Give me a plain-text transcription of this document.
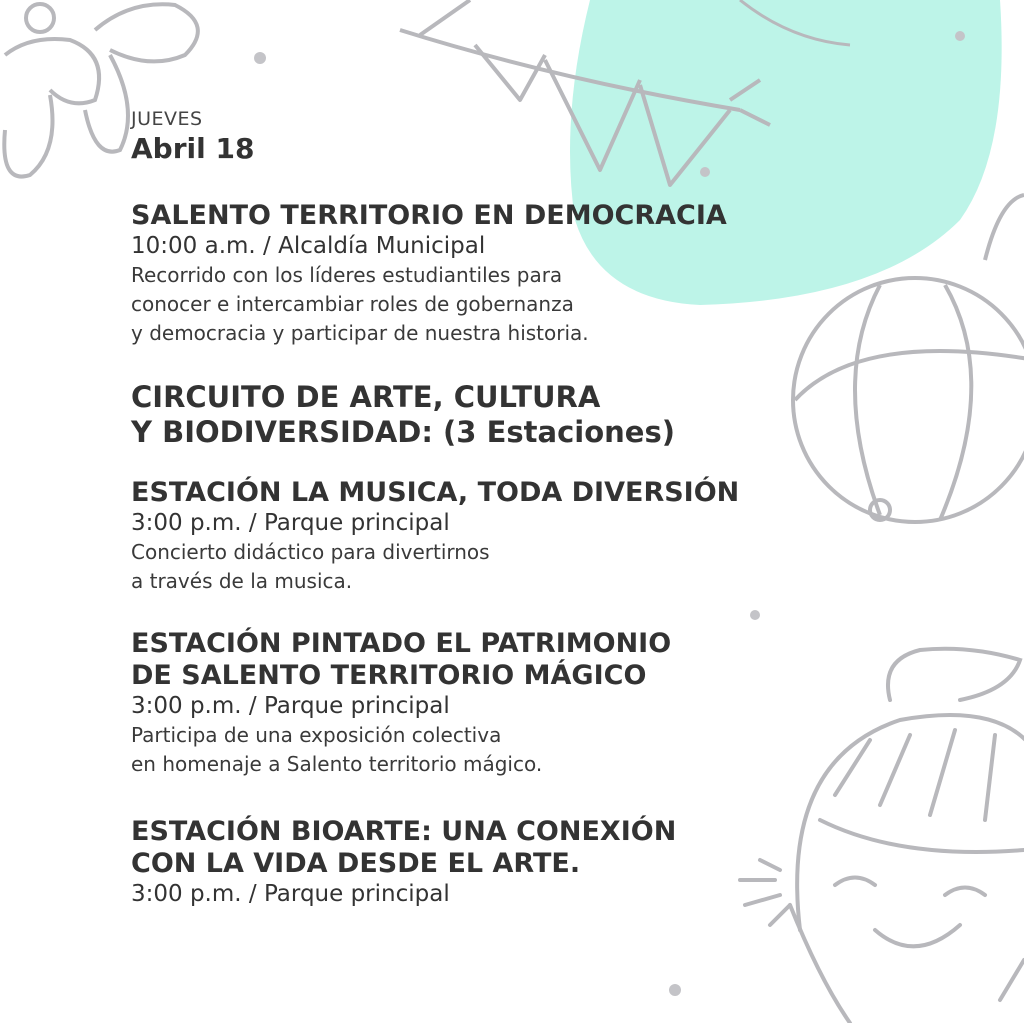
JUEVES
Abril 18
SALENTO TERRITORIO EN DEMOCRACIA
10:00 a.m. / Alcaldía Municipal
Recorrido con los líderes estudiantiles para
conocer e intercambiar roles de gobernanza
y democracia y participar de nuestra historia.
CIRCUITO DE ARTE, CULTURA
Y BIODIVERSIDAD: (3 Estaciones)
ESTACIÓN LA MUSICA, TODA DIVERSIÓN
3:00 p.m. / Parque principal
Concierto didáctico para divertirnos
a través de la musica.
ESTACIÓN PINTADO EL PATRIMONIO
DE SALENTO TERRITORIO MÁGICO
3:00 p.m. / Parque principal
Participa de una exposición colectiva
en homenaje a Salento territorio mágico.
ESTACIÓN BIOARTE: UNA CONEXIÓN
CON LA VIDA DESDE EL ARTE.
3:00 p.m. / Parque principal
